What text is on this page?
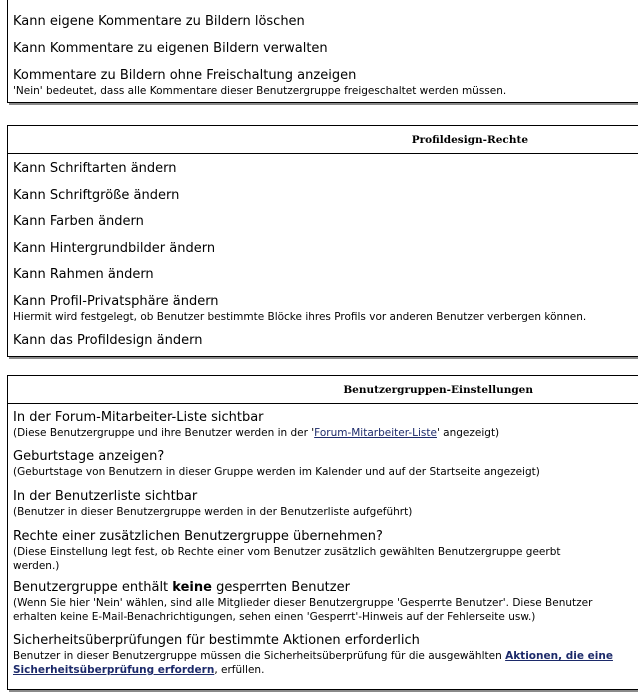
Kann eigene Kommentare zu Bildern löschen
Kann Kommentare zu eigenen Bildern verwalten
Kommentare zu Bildern ohne Freischaltung anzeigen
'Nein' bedeutet, dass alle Kommentare dieser Benutzergruppe freigeschaltet werden müssen.
Profildesign-Rechte
Kann Schriftarten ändern
Kann Schriftgröße ändern
Kann Farben ändern
Kann Hintergrundbilder ändern
Kann Rahmen ändern
Kann Profil-Privatsphäre ändern
Hiermit wird festgelegt, ob Benutzer bestimmte Blöcke ihres Profils vor anderen Benutzer verbergen können.
Kann das Profildesign ändern
Benutzergruppen-Einstellungen
In der Forum-Mitarbeiter-Liste sichtbar
(Diese Benutzergruppe und ihre Benutzer werden in der 'Forum-Mitarbeiter-Liste' angezeigt)
Geburtstage anzeigen?
(Geburtstage von Benutzern in dieser Gruppe werden im Kalender und auf der Startseite angezeigt)
In der Benutzerliste sichtbar
(Benutzer in dieser Benutzergruppe werden in der Benutzerliste aufgeführt)
Rechte einer zusätzlichen Benutzergruppe übernehmen?
(Diese Einstellung legt fest, ob Rechte einer vom Benutzer zusätzlich gewählten Benutzergruppe geerbt werden.)
Benutzergruppe enthält keine gesperrten Benutzer
(Wenn Sie hier 'Nein' wählen, sind alle Mitglieder dieser Benutzergruppe 'Gesperrte Benutzer'. Diese Benutzer erhalten keine E-Mail-Benachrichtigungen, sehen einen 'Gesperrt'-Hinweis auf der Fehlerseite usw.)
Sicherheitsüberprüfungen für bestimmte Aktionen erforderlich
Benutzer in dieser Benutzergruppe müssen die Sicherheitsüberprüfung für die ausgewählten Aktionen, die eine Sicherheitsüberprüfung erfordern, erfüllen.
